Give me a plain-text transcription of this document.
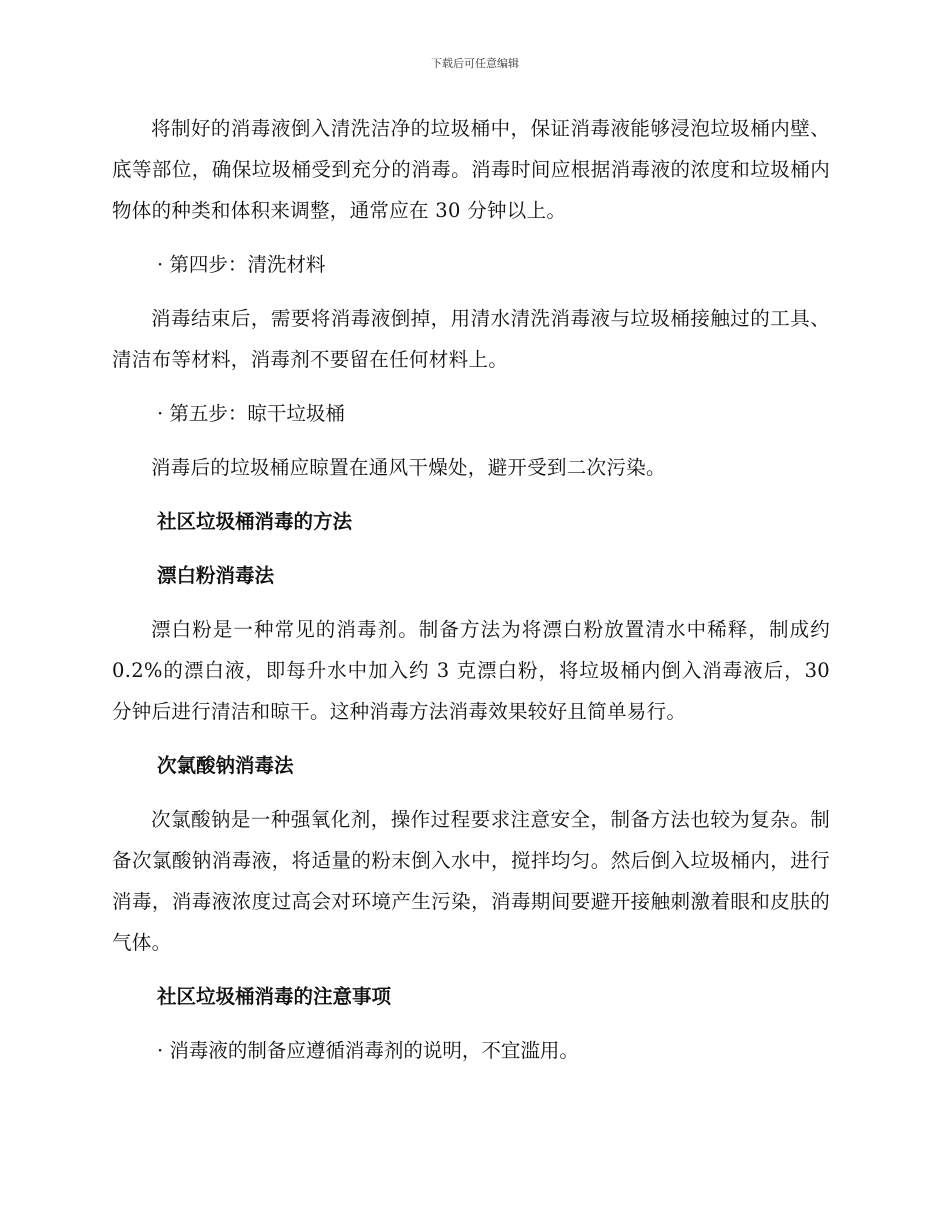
下载后可任意编辑

将制好的消毒液倒入清洗洁净的垃圾桶中，保证消毒液能够浸泡垃圾桶内壁、底等部位，确保垃圾桶受到充分的消毒。消毒时间应根据消毒液的浓度和垃圾桶内物体的种类和体积来调整，通常应在 30 分钟以上。

· 第四步：清洗材料

消毒结束后，需要将消毒液倒掉，用清水清洗消毒液与垃圾桶接触过的工具、清洁布等材料，消毒剂不要留在任何材料上。

· 第五步：晾干垃圾桶

消毒后的垃圾桶应晾置在通风干燥处，避开受到二次污染。

社区垃圾桶消毒的方法

漂白粉消毒法

漂白粉是一种常见的消毒剂。制备方法为将漂白粉放置清水中稀释，制成约 0.2%的漂白液，即每升水中加入约 3 克漂白粉，将垃圾桶内倒入消毒液后，30 分钟后进行清洁和晾干。这种消毒方法消毒效果较好且简单易行。

次氯酸钠消毒法

次氯酸钠是一种强氧化剂，操作过程要求注意安全，制备方法也较为复杂。制备次氯酸钠消毒液，将适量的粉末倒入水中，搅拌均匀。然后倒入垃圾桶内，进行消毒，消毒液浓度过高会对环境产生污染，消毒期间要避开接触刺激着眼和皮肤的气体。

社区垃圾桶消毒的注意事项

· 消毒液的制备应遵循消毒剂的说明，不宜滥用。
